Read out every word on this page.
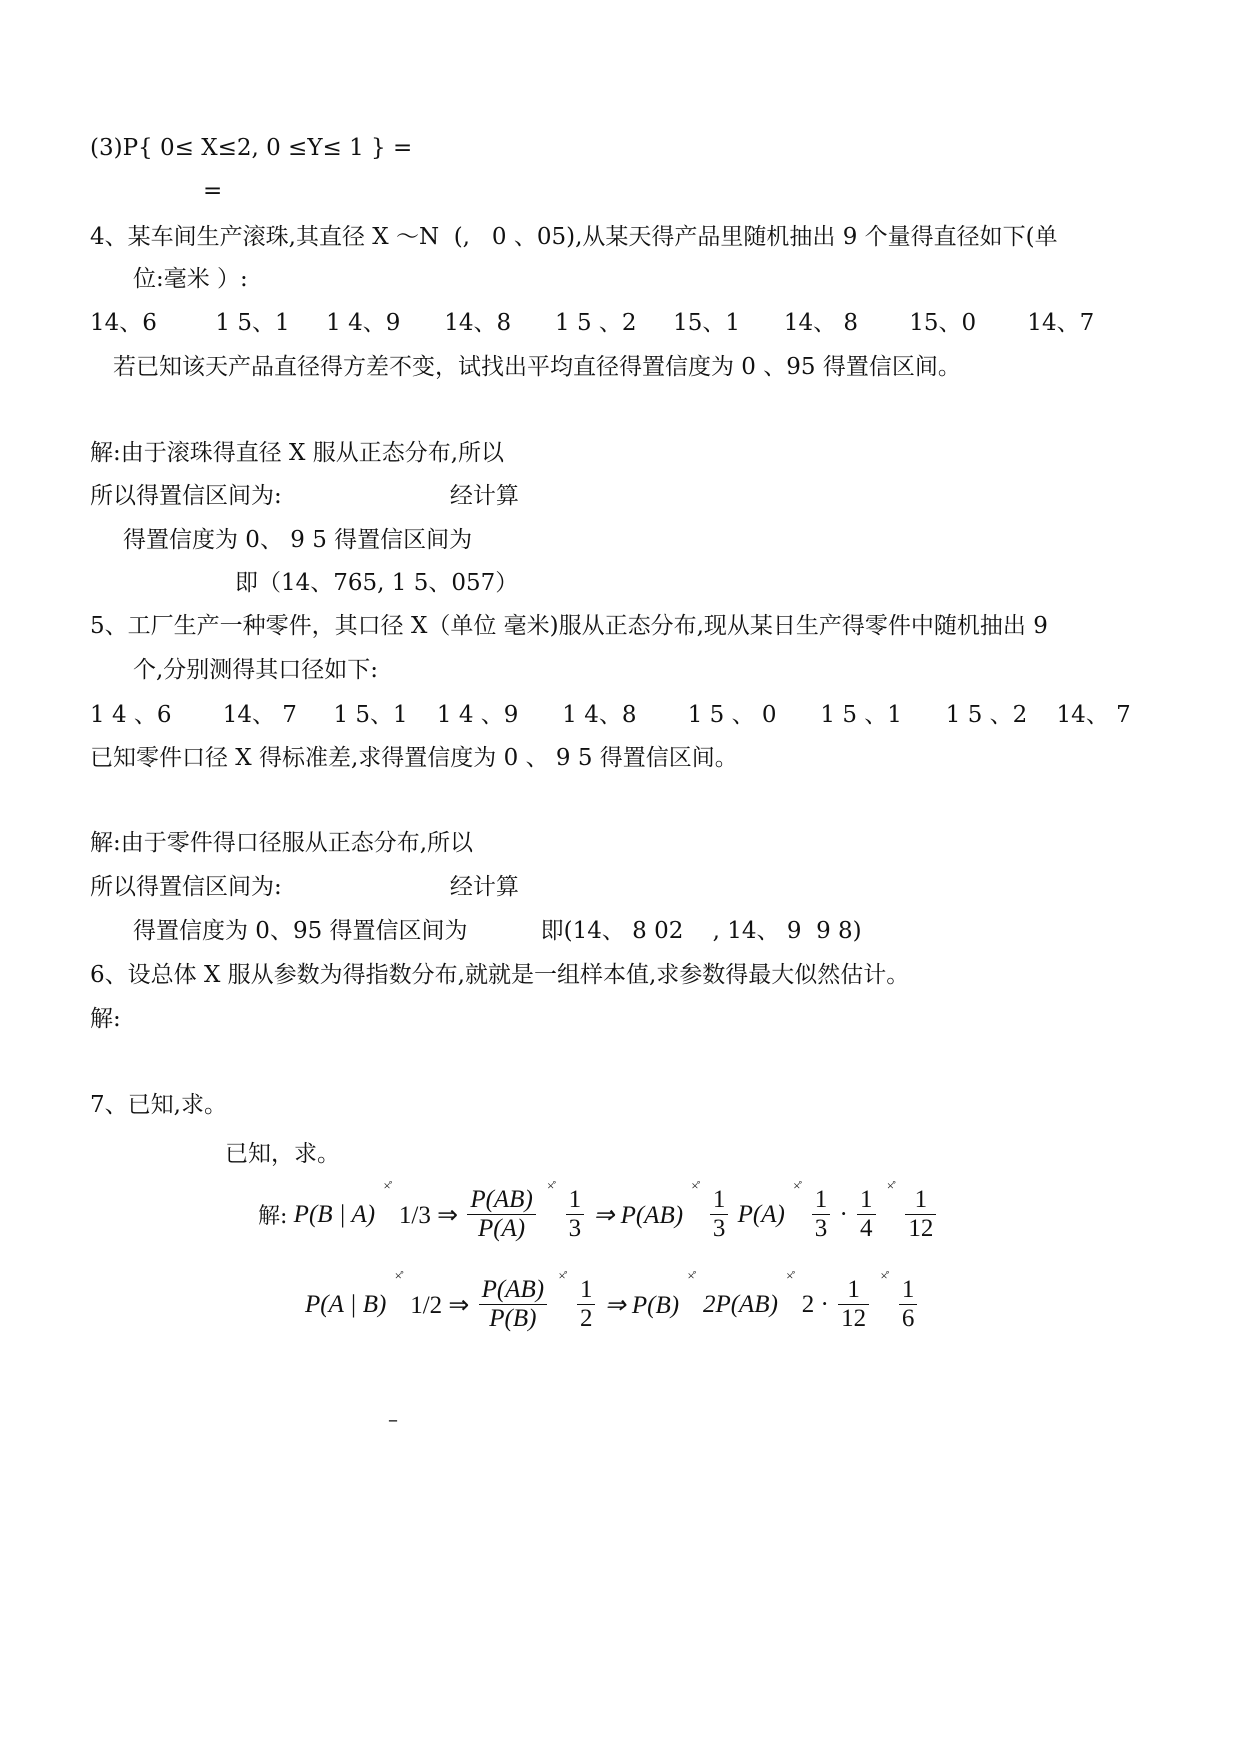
(3)P{ 0≤ X≤2, 0 ≤Y≤ 1 } =
=
4、某车间生产滚珠,其直径 X ～N  (,   0 、05),从某天得产品里随机抽出 9 个量得直径如下(单
位:毫米 ）:
14、6        1 5、1     1 4、9      14、8      1 5 、2     15、1      14、 8       15、0       14、7
若已知该天产品直径得方差不变，试找出平均直径得置信度为 0 、95 得置信区间。
解:由于滚珠得直径 X 服从正态分布,所以
所以得置信区间为:                       经计算
得置信度为 0、 9 5 得置信区间为
即（14、765, 1 5、057）
5、工厂生产一种零件，其口径 X（单位 毫米)服从正态分布,现从某日生产得零件中随机抽出 9
个,分别测得其口径如下:
1 4 、6       14、 7     1 5、1    1 4 、9      1 4、8       1 5 、 0      1 5 、1      1 5 、2    14、 7
已知零件口径 X 得标准差,求得置信度为 0 、 9 5 得置信区间。
解:由于零件得口径服从正态分布,所以
所以得置信区间为:                       经计算
得置信度为 0、95 得置信区间为          即(14、 8 02    , 14、 9  9 8)
6、设总体 X 服从参数为得指数分布,就就是一组样本值,求参数得最大似然估计。
解:
7、已知,求。
已知，求。
解: P(B | A) ×̊ 1/3 ⇒ $\frac{P(AB)}{P(A)}$
×̊
$\frac{1}{3}$ ⇒ P(AB) ×̊
$\frac{1}{3} P(A)$ ×̊
$\frac{1}{3} \cdot \frac{1}{4}$
×̊
$\frac{1}{12}$
P(A | B) ×̊ 1/2 ⇒ $\frac{P(AB)}{P(B)}$
×̊
$\frac{1}{2}$ ⇒ P(B) ×̊ 2P(AB) ×̊ $2 \cdot \frac{1}{12}$
×̊
$\frac{1}{6}$
–
